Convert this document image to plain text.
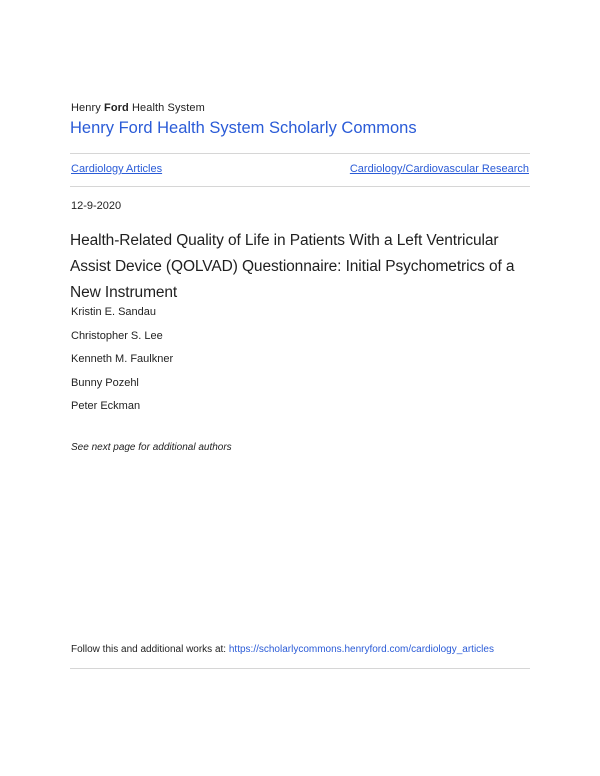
Henry Ford Health System
Henry Ford Health System Scholarly Commons
Cardiology Articles	Cardiology/Cardiovascular Research
12-9-2020
Health-Related Quality of Life in Patients With a Left Ventricular Assist Device (QOLVAD) Questionnaire: Initial Psychometrics of a New Instrument
Kristin E. Sandau
Christopher S. Lee
Kenneth M. Faulkner
Bunny Pozehl
Peter Eckman
See next page for additional authors
Follow this and additional works at: https://scholarlycommons.henryford.com/cardiology_articles
